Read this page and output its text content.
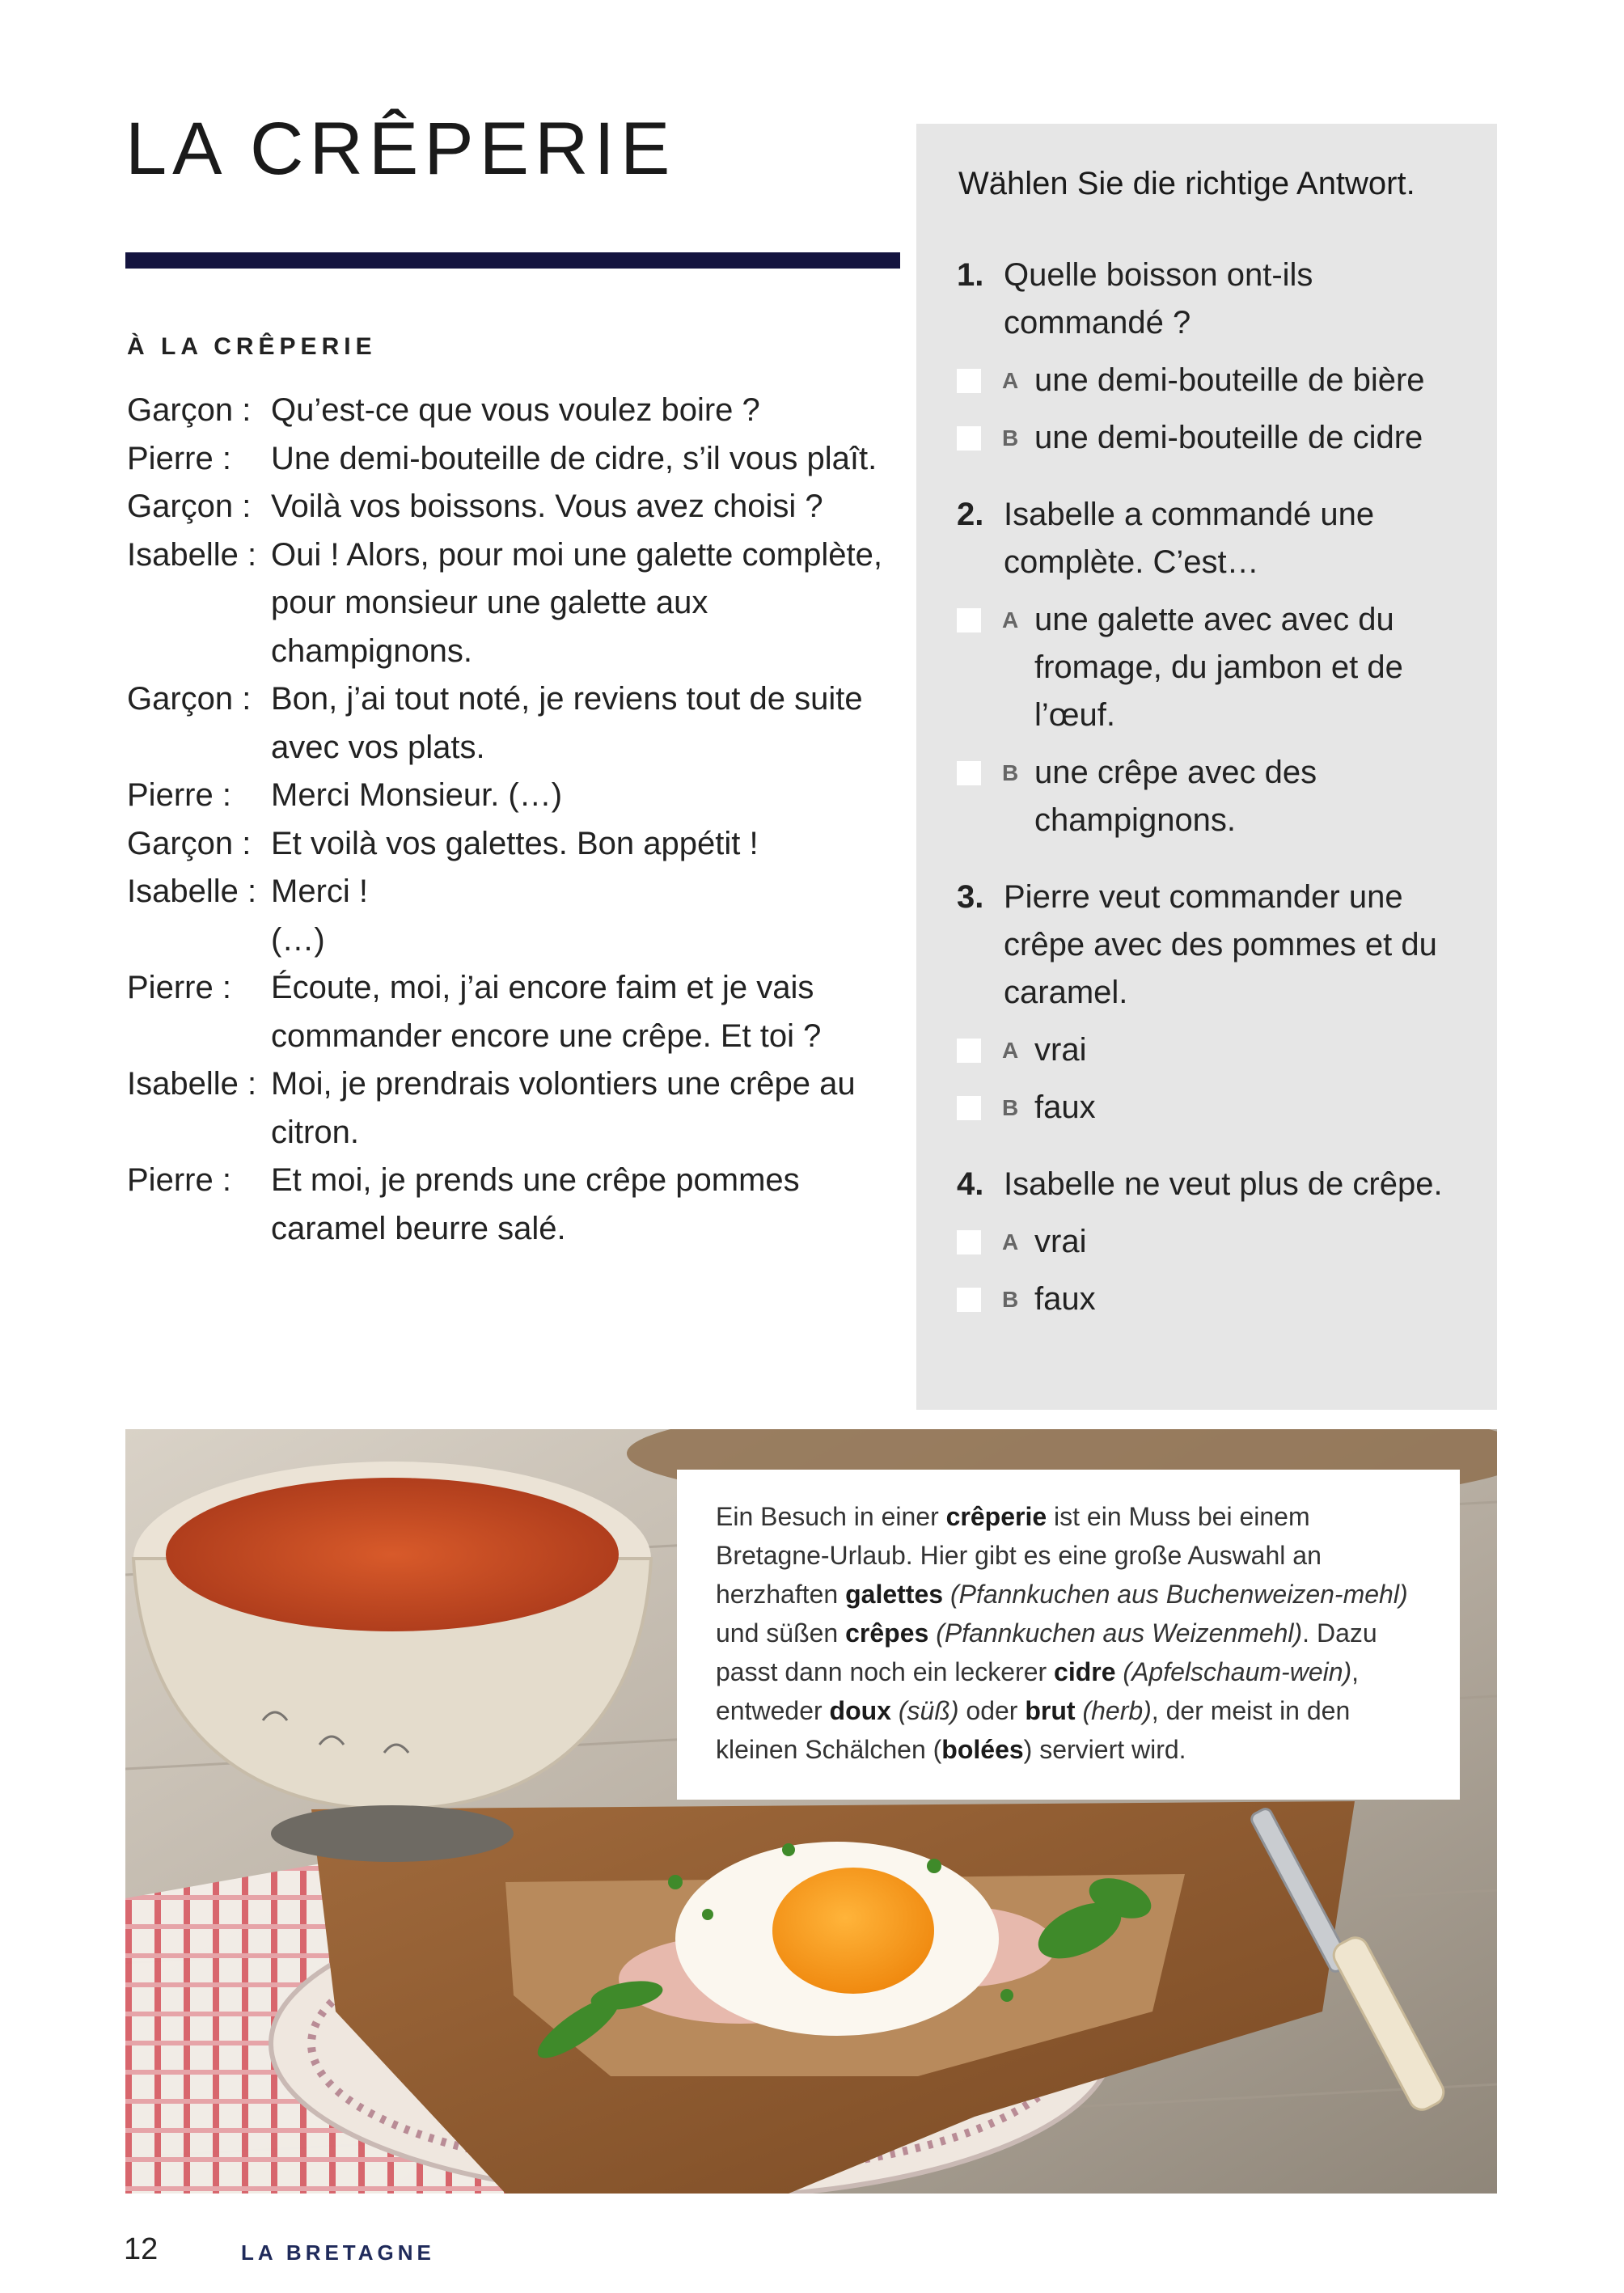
LA CRÊPERIE
À LA CRÊPERIE
Garçon : Qu’est-ce que vous voulez boire ?
Pierre :	Une demi-bouteille de cidre, s’il vous plaît.
Garçon : Voilà vos boissons. Vous avez choisi ?
Isabelle : Oui ! Alors, pour moi une galette complète, pour monsieur une galette aux champignons.
Garçon : Bon, j’ai tout noté, je reviens tout de suite avec vos plats.
Pierre :	Merci Monsieur. (…)
Garçon : Et voilà vos galettes. Bon appétit !
Isabelle : Merci !
(…)
Pierre :	Écoute, moi, j’ai encore faim et je vais commander encore une crêpe. Et toi ?
Isabelle : Moi, je prendrais volontiers une crêpe au citron.
Pierre :	Et moi, je prends une crêpe pommes caramel beurre salé.

Wählen Sie die richtige Antwort.

1. Quelle boisson ont-ils commandé ?
A une demi-bouteille de bière
B une demi-bouteille de cidre
2. Isabelle a commandé une complète. C’est…
A une galette avec avec du fromage, du jambon et de l’œuf.
B une crêpe avec des champignons.
3. Pierre veut commander une crêpe avec des pommes et du caramel.
A vrai
B faux
4. Isabelle ne veut plus de crêpe.
A vrai
B faux
Ein Besuch in einer crêperie ist ein Muss bei einem Bretagne-Urlaub. Hier gibt es eine große Auswahl an herzhaften galettes (Pfannkuchen aus Buchenweizen-mehl) und süßen crêpes (Pfannkuchen aus Weizenmehl). Dazu passt dann noch ein leckerer cidre (Apfelschaum-wein), entweder doux (süß) oder brut (herb), der meist in den kleinen Schälchen (bolées) serviert wird.
12	LA BRETAGNE
